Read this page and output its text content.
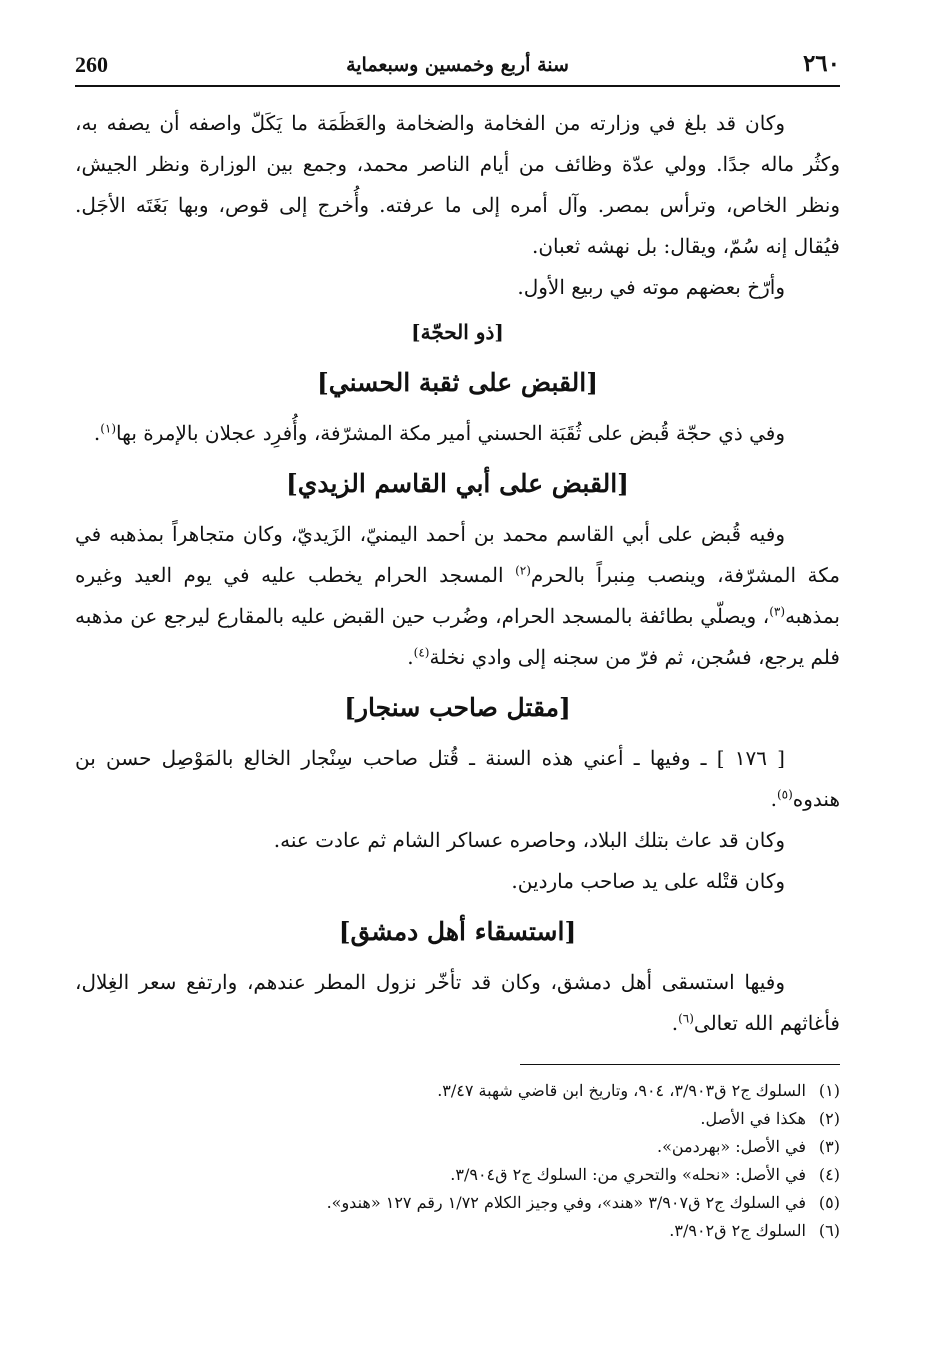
260	سنة أربع وخمسين وسبعماية	٢٦٠

وكان قد بلغ في وزارته من الفخامة والضخامة والعَظَمَة ما يَكَلّ واصفه أن يصفه به، وكثُر ماله جدًا. وولي عدّة وظائف من أيام الناصر محمد، وجمع بين الوزارة ونظر الجيش، ونظر الخاص، وترأس بمصر. وآل أمره إلى ما عرفته. وأُخرج إلى قوص، وبها بَغَتَه الأجَل. فيُقال إنه سُمّ، ويقال: بل نهشه ثعبان.

وأرّخ بعضهم موته في ربيع الأول.

[ذو الحجّة]
[القبض على ثقبة الحسني]

وفي ذي حجّة قُبض على ثُقَبَة الحسني أمير مكة المشرّفة، وأُفرِد عجلان بالإمرة بها$^{(١)}$.

[القبض على أبي القاسم الزيدي]

وفيه قُبض على أبي القاسم محمد بن أحمد اليمنيّ، الزَيديّ، وكان متجاهراً بمذهبه في مكة المشرّفة، وينصب مِنبراً بالحرم$^{(٢)}$ المسجد الحرام يخطب عليه في يوم العيد وغيره بمذهبه$^{(٣)}$، ويصلّي بطائفة بالمسجد الحرام، وضُرب حين القبض عليه بالمقارع ليرجع عن مذهبه فلم يرجع، فسُجن، ثم فرّ من سجنه إلى وادي نخلة$^{(٤)}$.

[مقتل صاحب سنجار]

[ ١٧٦ ] ـ وفيها ـ أعني هذه السنة ـ قُتل صاحب سِنْجار الخالع بالمَوْصِل حسن بن هندوه$^{(٥)}$.

وكان قد عاث بتلك البلاد، وحاصره عساكر الشام ثم عادت عنه.

وكان قتْله على يد صاحب ماردين.

[استسقاء أهل دمشق]

وفيها استسقى أهل دمشق، وكان قد تأخّر نزول المطر عندهم، وارتفع سعر الغِلال، فأغاثهم الله تعالى$^{(٦)}$.

(١)السلوك ج٢ ق٣/٩٠٣، ٩٠٤، وتاريخ ابن قاضي شهبة ٣/٤٧.

(٢)هكذا في الأصل.

(٣)في الأصل: «بهردمن».

(٤)في الأصل: «نحله» والتحري من: السلوك ج٢ ق٣/٩٠٤.

(٥)في السلوك ج٢ ق٣/٩٠٧ «هند»، وفي وجيز الكلام ١/٧٢ رقم ١٢٧ «هندو».

(٦)السلوك ج٢ ق٣/٩٠٢.
